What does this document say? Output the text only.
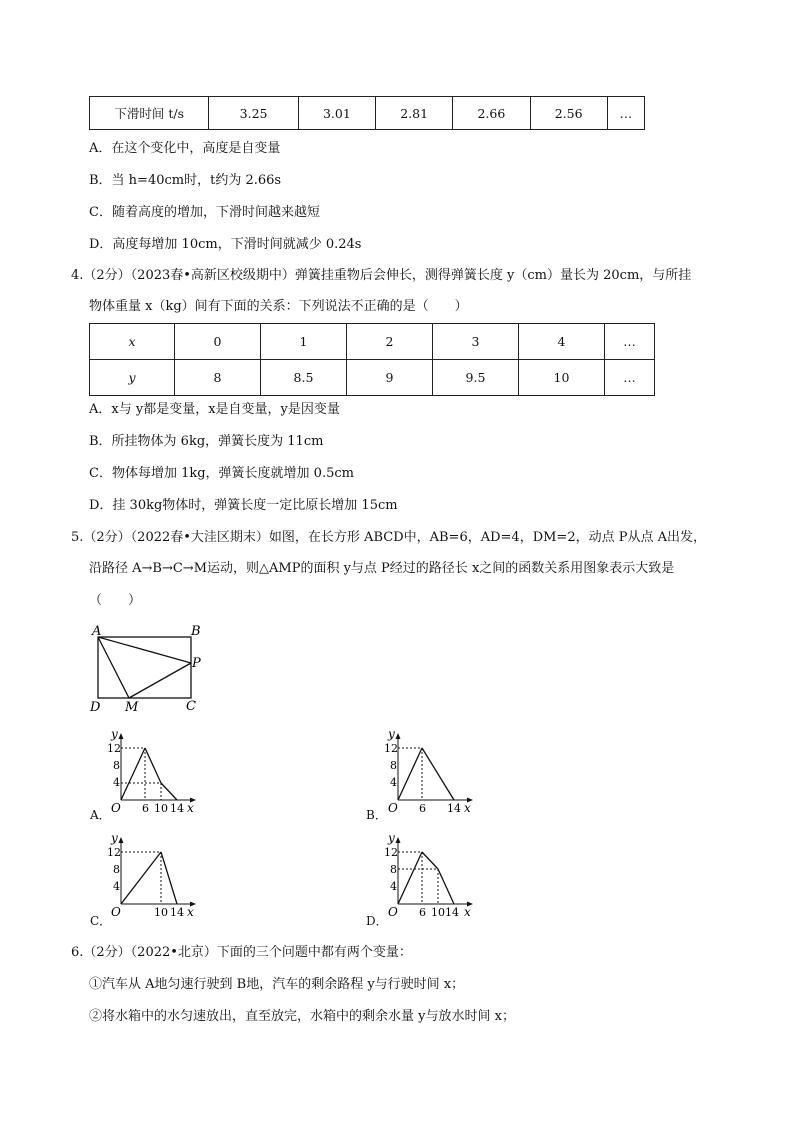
下滑时间 t/s	3.25	3.01	2.81	2.66	2.56	…
A．在这个变化中，高度是自变量
B．当 h=40cm时，t约为 2.66s
C．随着高度的增加，下滑时间越来越短
D．高度每增加 10cm，下滑时间就减少 0.24s
4.（2分）（2023春•高新区校级期中）弹簧挂重物后会伸长，测得弹簧长度 y（cm）量长为 20cm，与所挂
物体重量 x（kg）间有下面的关系：下列说法不正确的是（　　）
x	0	1	2	3	4	…
y	8	8.5	9	9.5	10	…
A．x与 y都是变量，x是自变量，y是因变量
B．所挂物体为 6kg，弹簧长度为 11cm
C．物体每增加 1kg，弹簧长度就增加 0.5cm
D．挂 30kg物体时，弹簧长度一定比原长增加 15cm
5.（2分）（2022春•大洼区期末）如图，在长方形 ABCD中，AB=6，AD=4，DM=2，动点 P从点 A出发，
沿路径 A→B→C→M运动，则△AMP的面积 y与点 P经过的路径长 x之间的函数关系用图象表示大致是
（　　）
A	B
C
D M
P
A．
y
12
8
4
O 6 10 14 x	B．
y
12
8
4
O 6 14 x
C．
y
12
8
4
O	10 14 x
D．
y
12
8
4
O 6 10 14 x
6.（2分）（2022•北京）下面的三个问题中都有两个变量：
①汽车从 A地匀速行驶到 B地，汽车的剩余路程 y与行驶时间 x；
②将水箱中的水匀速放出，直至放完，水箱中的剩余水量 y与放水时间 x；
